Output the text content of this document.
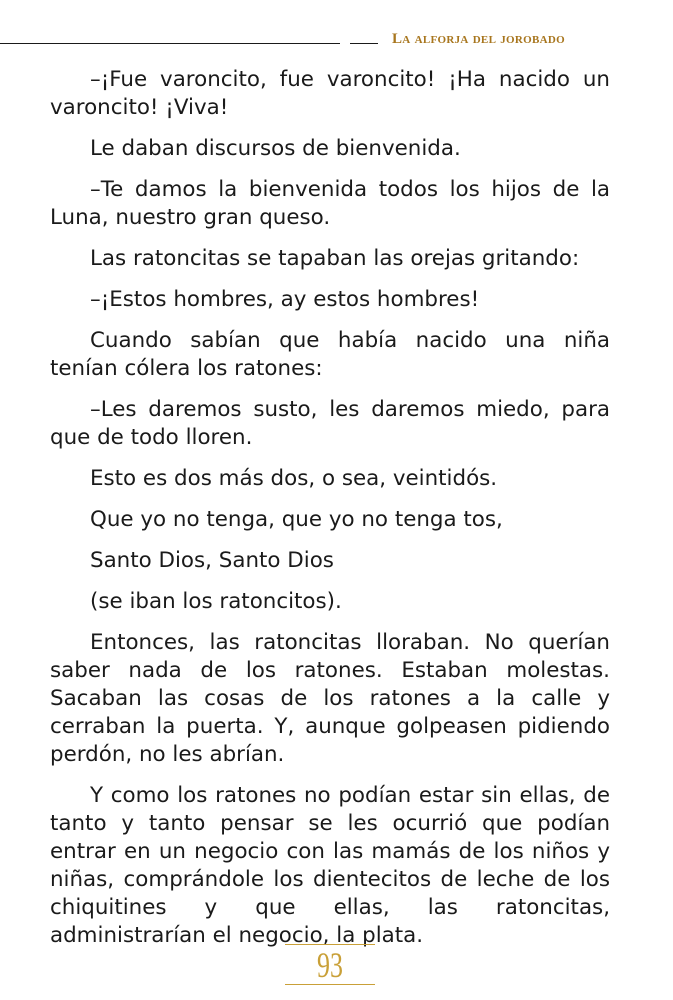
La alforja del jorobado

–¡Fue varoncito, fue varoncito! ¡Ha nacido un varoncito! ¡Viva!

Le daban discursos de bienvenida.

–Te damos la bienvenida todos los hijos de la Luna, nuestro gran queso.

Las ratoncitas se tapaban las orejas gritando:

–¡Estos hombres, ay estos hombres!

Cuando sabían que había nacido una niña tenían cólera los ratones:

–Les daremos susto, les daremos miedo, para que de todo lloren.

Esto es dos más dos, o sea, veintidós.

Que yo no tenga, que yo no tenga tos,

Santo Dios, Santo Dios

(se iban los ratoncitos).

Entonces, las ratoncitas lloraban. No querían saber nada de los ratones. Estaban molestas. Sacaban las cosas de los ratones a la calle y cerraban la puerta. Y, aunque golpeasen pidiendo perdón, no les abrían.

Y como los ratones no podían estar sin ellas, de tanto y tanto pensar se les ocurrió que podían entrar en un negocio con las mamás de los niños y niñas, comprándole los dientecitos de leche de los chiquitines y que ellas, las ratoncitas, administrarían el negocio, la plata.

93
